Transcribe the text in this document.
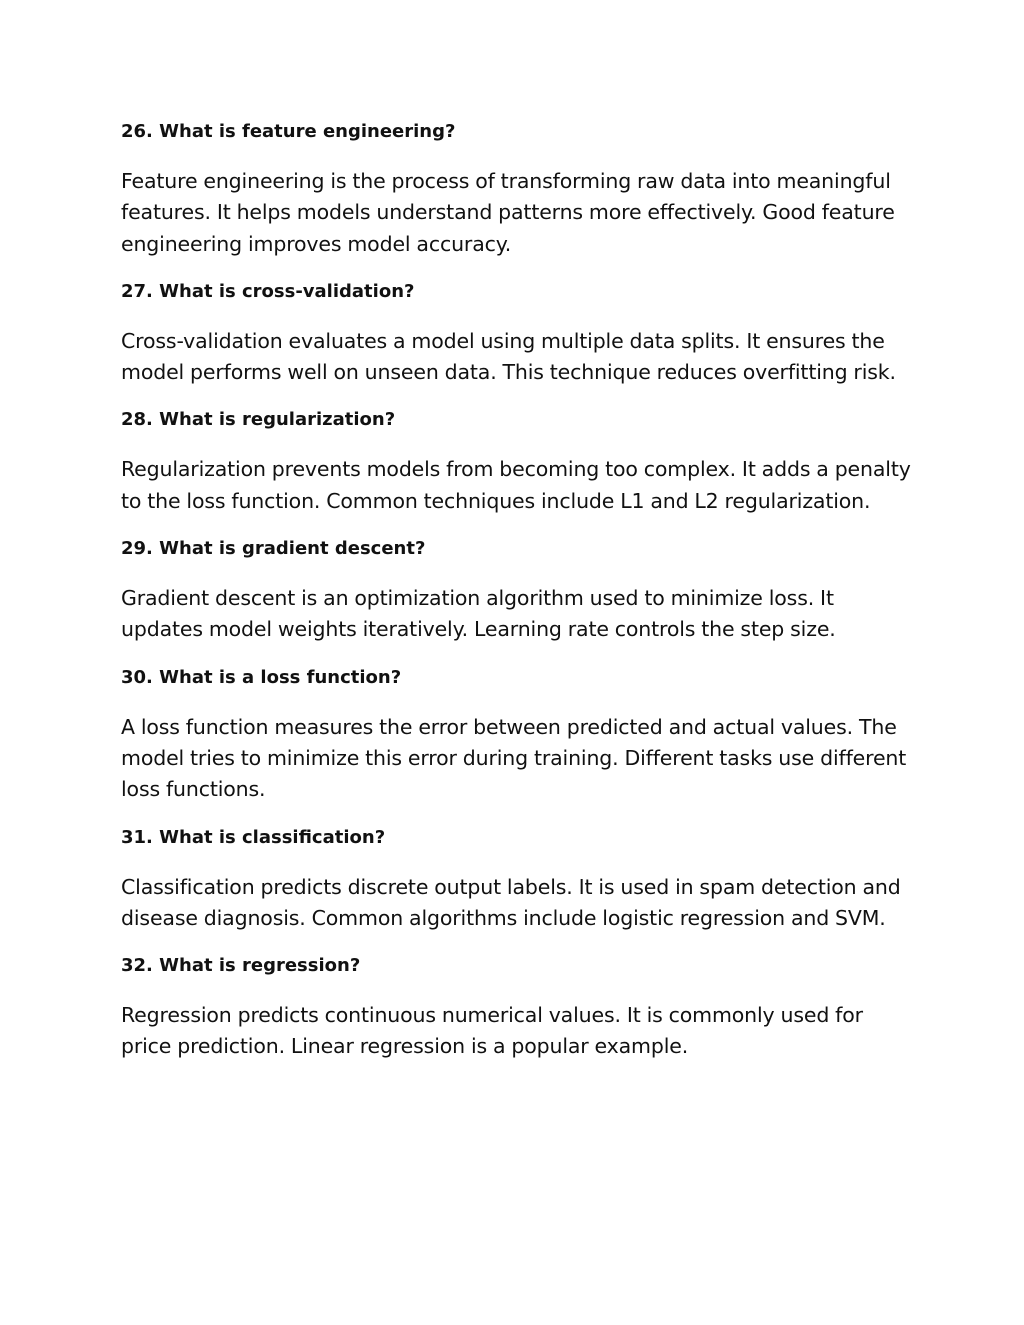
26. What is feature engineering?

Feature engineering is the process of transforming raw data into meaningful features. It helps models understand patterns more effectively. Good feature engineering improves model accuracy.

27. What is cross-validation?

Cross-validation evaluates a model using multiple data splits. It ensures the model performs well on unseen data. This technique reduces overfitting risk.

28. What is regularization?

Regularization prevents models from becoming too complex. It adds a penalty to the loss function. Common techniques include L1 and L2 regularization.

29. What is gradient descent?

Gradient descent is an optimization algorithm used to minimize loss. It updates model weights iteratively. Learning rate controls the step size.

30. What is a loss function?

A loss function measures the error between predicted and actual values. The model tries to minimize this error during training. Different tasks use different loss functions.

31. What is classification?

Classification predicts discrete output labels. It is used in spam detection and disease diagnosis. Common algorithms include logistic regression and SVM.

32. What is regression?

Regression predicts continuous numerical values. It is commonly used for price prediction. Linear regression is a popular example.
